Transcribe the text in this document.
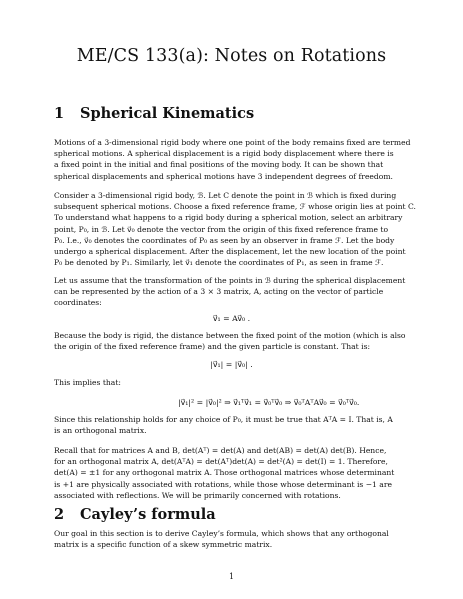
ME/CS 133(a): Notes on Rotations
1 Spherical Kinematics
Motions of a 3-dimensional rigid body where one point of the body remains fixed are termed
spherical motions. A spherical displacement is a rigid body displacement where there is
a fixed point in the initial and final positions of the moving body. It can be shown that
spherical displacements and spherical motions have 3 independent degrees of freedom.
Consider a 3-dimensional rigid body, ℬ. Let C denote the point in ℬ which is fixed during
subsequent spherical motions. Choose a fixed reference frame, ℱ whose origin lies at point C.
To understand what happens to a rigid body during a spherical motion, select an arbitrary
point, P₀, in ℬ. Let v⃗₀ denote the vector from the origin of this fixed reference frame to
P₀. I.e., v⃗₀ denotes the coordinates of P₀ as seen by an observer in frame ℱ. Let the body
undergo a spherical displacement. After the displacement, let the new location of the point
P₀ be denoted by P₁. Similarly, let v⃗₁ denote the coordinates of P₁, as seen in frame ℱ.
Let us assume that the transformation of the points in ℬ during the spherical displacement
can be represented by the action of a 3 × 3 matrix, A, acting on the vector of particle
coordinates:
v⃗₁ = Av⃗₀ .
Because the body is rigid, the distance between the fixed point of the motion (which is also
the origin of the fixed reference frame) and the given particle is constant. That is:
|v⃗₁| = |v⃗₀| .
This implies that:
|v⃗₁|² = |v⃗₀|² ⇒ v⃗₁ᵀv⃗₁ = v⃗₀ᵀv⃗₀ ⇒ v⃗₀ᵀAᵀAv⃗₀ = v⃗₀ᵀv⃗₀.
Since this relationship holds for any choice of P₀, it must be true that AᵀA = I. That is, A
is an orthogonal matrix.
Recall that for matrices A and B, det(Aᵀ) = det(A) and det(AB) = det(A) det(B). Hence,
for an orthogonal matrix A, det(AᵀA) = det(Aᵀ)det(A) = det²(A) = det(I) = 1. Therefore,
det(A) = ±1 for any orthogonal matrix A. Those orthogonal matrices whose determinant
is +1 are physically associated with rotations, while those whose determinant is −1 are
associated with reflections. We will be primarily concerned with rotations.
2 Cayley’s formula
Our goal in this section is to derive Cayley’s formula, which shows that any orthogonal
matrix is a specific function of a skew symmetric matrix.
1
